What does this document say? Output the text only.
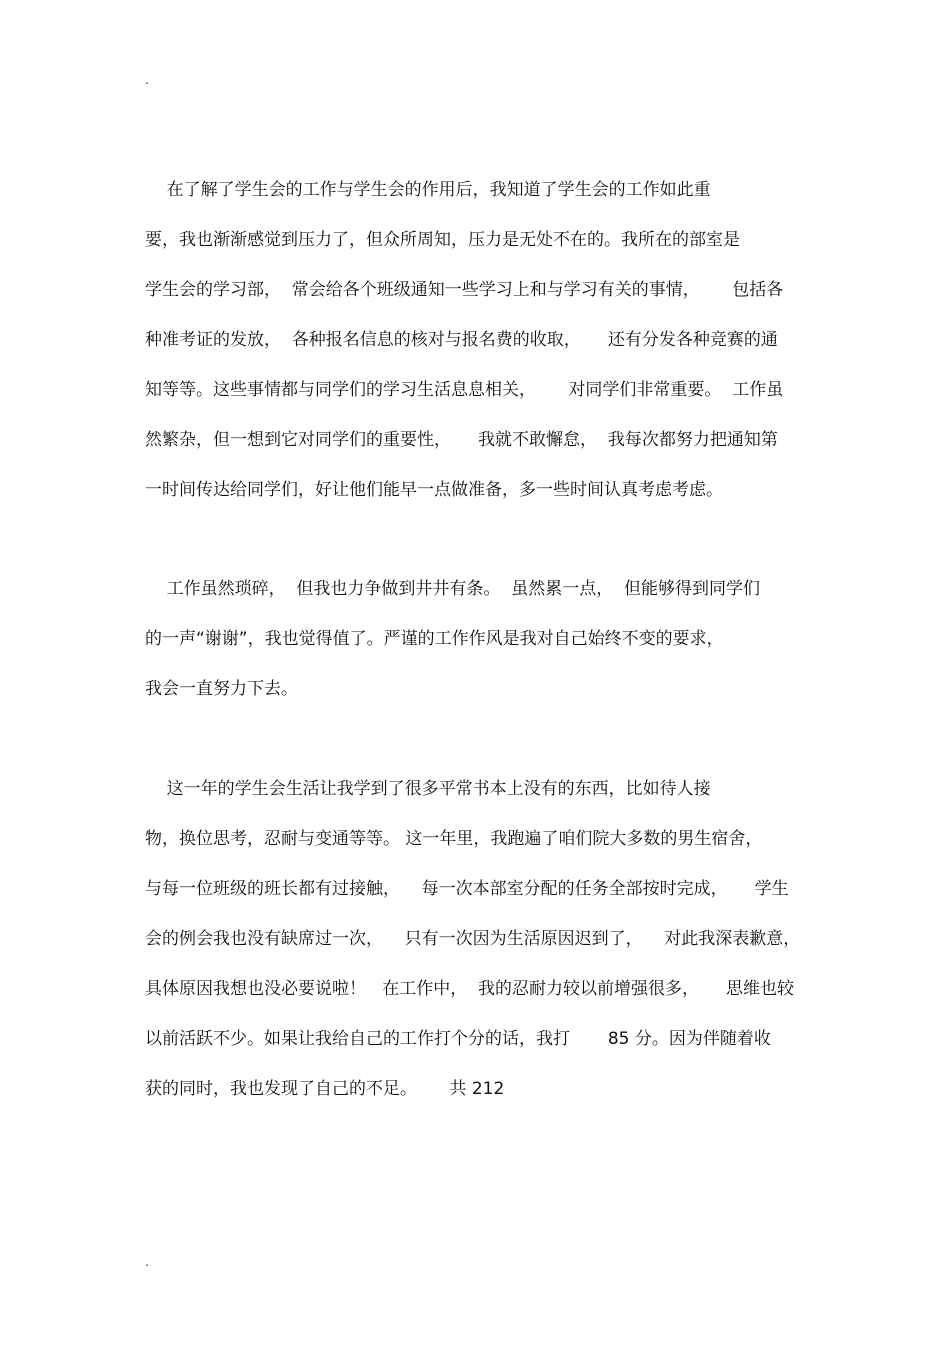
.
在了解了学生会的工作与学生会的作用后，我知道了学生会的工作如此重
要，我也渐渐感觉到压力了，但众所周知，压力是无处不在的。我所在的部室是
学生会的学习部，  常会给各个班级通知一些学习上和与学习有关的事情，      包括各
种准考证的发放，  各种报名信息的核对与报名费的收取，     还有分发各种竞赛的通
知等等。这些事情都与同学们的学习生活息息相关，      对同学们非常重要。  工作虽
然繁杂，但一想到它对同学们的重要性，     我就不敢懈怠，  我每次都努力把通知第
一时间传达给同学们，好让他们能早一点做准备，多一些时间认真考虑考虑。
工作虽然琐碎，  但我也力争做到井井有条。  虽然累一点，  但能够得到同学们
的一声“谢谢”，我也觉得值了。严谨的工作作风是我对自己始终不变的要求，
我会一直努力下去。
这一年的学生会生活让我学到了很多平常书本上没有的东西，比如待人接
物，换位思考，忍耐与变通等等。 这一年里，我跑遍了咱们院大多数的男生宿舍，
与每一位班级的班长都有过接触，    每一次本部室分配的任务全部按时完成，     学生
会的例会我也没有缺席过一次，    只有一次因为生活原因迟到了，    对此我深表歉意，
具体原因我想也没必要说啦！   在工作中，  我的忍耐力较以前增强很多，     思维也较
以前活跃不少。如果让我给自己的工作打个分的话，我打       85 分。因为伴随着收
获的同时，我也发现了自己的不足。      共 212
.
